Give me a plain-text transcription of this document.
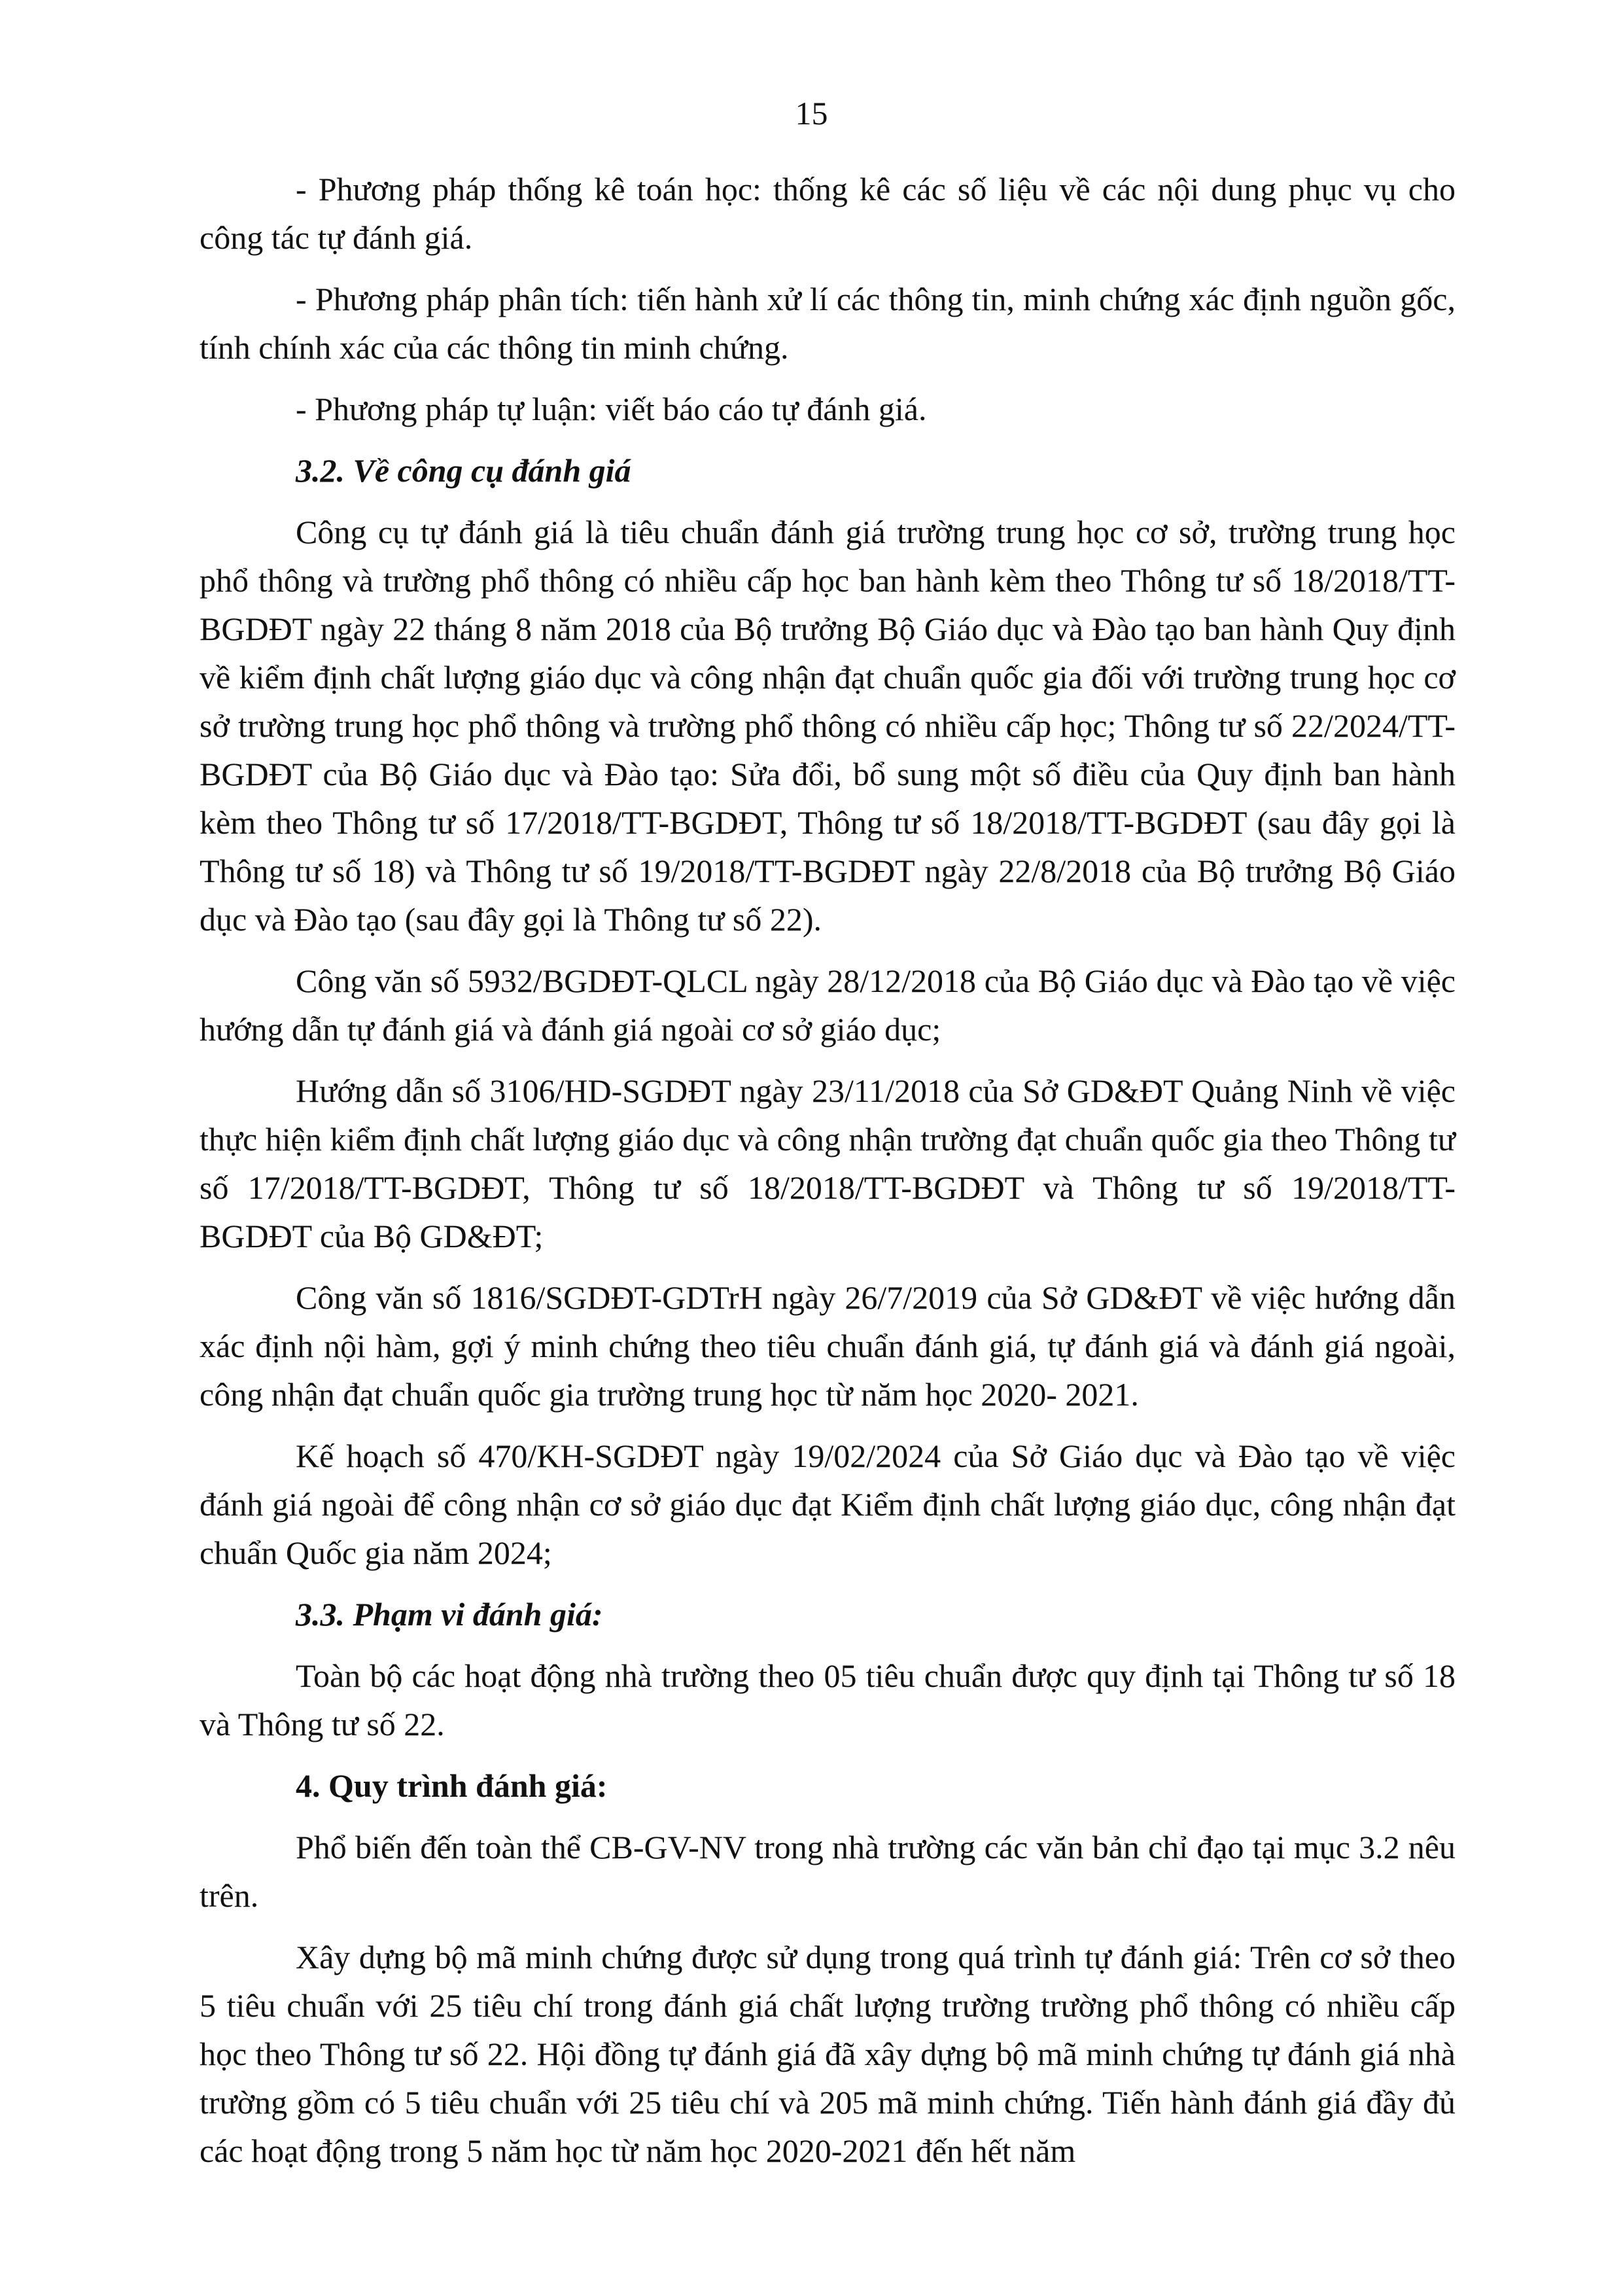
15

- Phương pháp thống kê toán học: thống kê các số liệu về các nội dung phục vụ cho công tác tự đánh giá.

- Phương pháp phân tích: tiến hành xử lí các thông tin, minh chứng xác định nguồn gốc, tính chính xác của các thông tin minh chứng.

- Phương pháp tự luận: viết báo cáo tự đánh giá.

3.2. Về công cụ đánh giá

Công cụ tự đánh giá là tiêu chuẩn đánh giá trường trung học cơ sở, trường trung học phổ thông và trường phổ thông có nhiều cấp học ban hành kèm theo Thông tư số 18/2018/TT-BGDĐT ngày 22 tháng 8 năm 2018 của Bộ trưởng Bộ Giáo dục và Đào tạo ban hành Quy định về kiểm định chất lượng giáo dục và công nhận đạt chuẩn quốc gia đối với trường trung học cơ sở trường trung học phổ thông và trường phổ thông có nhiều cấp học; Thông tư số 22/2024/TT-BGDĐT của Bộ Giáo dục và Đào tạo: Sửa đổi, bổ sung một số điều của Quy định ban hành kèm theo Thông tư số 17/2018/TT-BGDĐT, Thông tư số 18/2018/TT-BGDĐT (sau đây gọi là Thông tư số 18) và Thông tư số 19/2018/TT-BGDĐT ngày 22/8/2018 của Bộ trưởng Bộ Giáo dục và Đào tạo (sau đây gọi là Thông tư số 22).

Công văn số 5932/BGDĐT-QLCL ngày 28/12/2018 của Bộ Giáo dục và Đào tạo về việc hướng dẫn tự đánh giá và đánh giá ngoài cơ sở giáo dục;

Hướng dẫn số 3106/HD-SGDĐT ngày 23/11/2018 của Sở GD&ĐT Quảng Ninh về việc thực hiện kiểm định chất lượng giáo dục và công nhận trường đạt chuẩn quốc gia theo Thông tư số 17/2018/TT-BGDĐT, Thông tư số 18/2018/TT-BGDĐT và Thông tư số 19/2018/TT-BGDĐT của Bộ GD&ĐT;

Công văn số 1816/SGDĐT-GDTrH ngày 26/7/2019 của Sở GD&ĐT về việc hướng dẫn xác định nội hàm, gợi ý minh chứng theo tiêu chuẩn đánh giá, tự đánh giá và đánh giá ngoài, công nhận đạt chuẩn quốc gia trường trung học từ năm học 2020- 2021.

Kế hoạch số 470/KH-SGDĐT ngày 19/02/2024 của Sở Giáo dục và Đào tạo về việc đánh giá ngoài để công nhận cơ sở giáo dục đạt Kiểm định chất lượng giáo dục, công nhận đạt chuẩn Quốc gia năm 2024;

3.3. Phạm vi đánh giá:

Toàn bộ các hoạt động nhà trường theo 05 tiêu chuẩn được quy định tại Thông tư số 18 và Thông tư số 22.

4. Quy trình đánh giá:

Phổ biến đến toàn thể CB-GV-NV trong nhà trường các văn bản chỉ đạo tại mục 3.2 nêu trên.

Xây dựng bộ mã minh chứng được sử dụng trong quá trình tự đánh giá: Trên cơ sở theo 5 tiêu chuẩn với 25 tiêu chí trong đánh giá chất lượng trường trường phổ thông có nhiều cấp học theo Thông tư số 22. Hội đồng tự đánh giá đã xây dựng bộ mã minh chứng tự đánh giá nhà trường gồm có 5 tiêu chuẩn với 25 tiêu chí và 205 mã minh chứng. Tiến hành đánh giá đầy đủ các hoạt động trong 5 năm học từ năm học 2020-2021 đến hết năm
